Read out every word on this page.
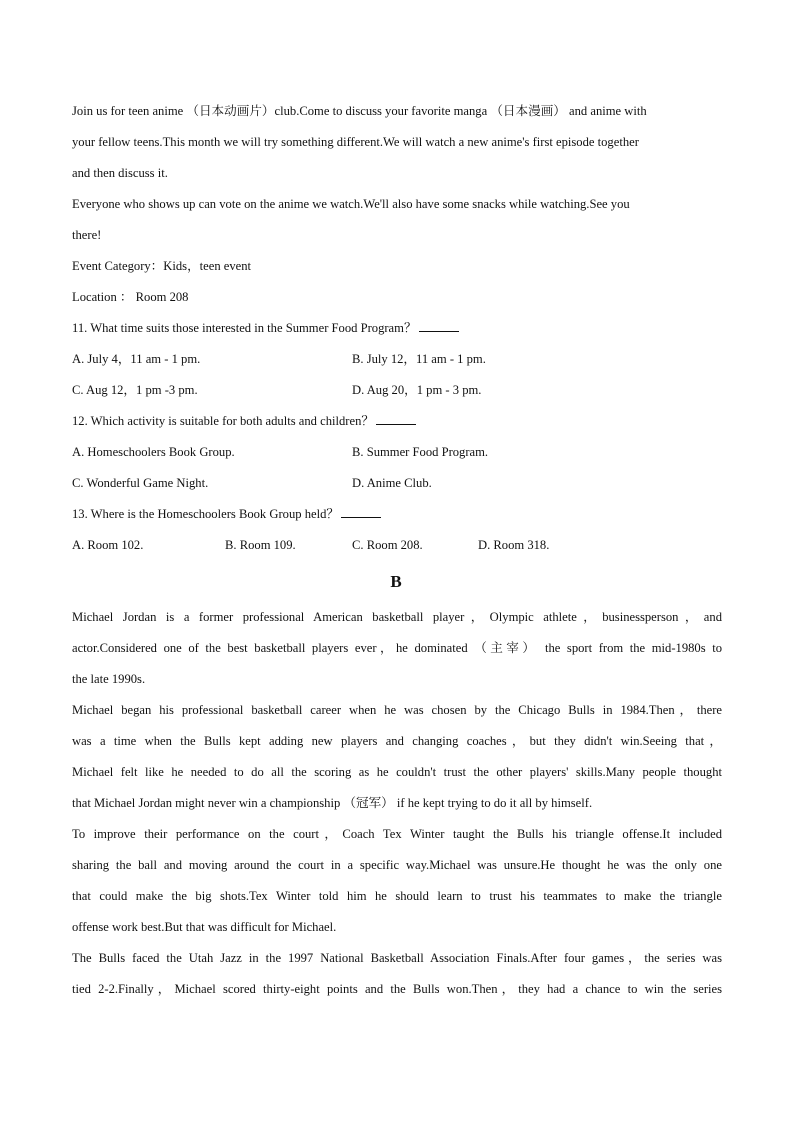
Join us for teen anime （日本动画片）club.Come to discuss your favorite manga （日本漫画） and anime with
your fellow teens.This month we will try something different.We will watch a new anime's first episode together
and then discuss it.
Everyone who shows up can vote on the anime we watch.We'll also have some snacks while watching.See you
there!
Event Category：Kids，teen event
Location ： Room 208
11. What time suits those interested in the Summer Food Program？
A. July 4，11 am - 1 pm.	B. July 12，11 am - 1 pm.
C. Aug 12，1 pm -3 pm.	D. Aug 20，1 pm - 3 pm.
12. Which activity is suitable for both adults and children？
A. Homeschoolers Book Group.	B. Summer Food Program.
C. Wonderful Game Night.	D. Anime Club.
13. Where is the Homeschoolers Book Group held？
A. Room 102.	B. Room 109.	C. Room 208.	D. Room 318.
B
Michael Jordan is a former professional American basketball player，Olympic athlete，businessperson，and
actor.Considered one of the best basketball players ever，he dominated （主宰） the sport from the mid-1980s to
the late 1990s.
Michael began his professional basketball career when he was chosen by the Chicago Bulls in 1984.Then，there
was a time when the Bulls kept adding new players and changing coaches，but they didn't win.Seeing that，
Michael felt like he needed to do all the scoring as he couldn't trust the other players' skills.Many people thought
that Michael Jordan might never win a championship （冠军） if he kept trying to do it all by himself.
To improve their performance on the court，Coach Tex Winter taught the Bulls his triangle offense.It included
sharing the ball and moving around the court in a specific way.Michael was unsure.He thought he was the only one
that could make the big shots.Tex Winter told him he should learn to trust his teammates to make the triangle
offense work best.But that was difficult for Michael.
The Bulls faced the Utah Jazz in the 1997 National Basketball Association Finals.After four games，the series was
tied 2-2.Finally，Michael scored thirty-eight points and the Bulls won.Then，they had a chance to win the series
